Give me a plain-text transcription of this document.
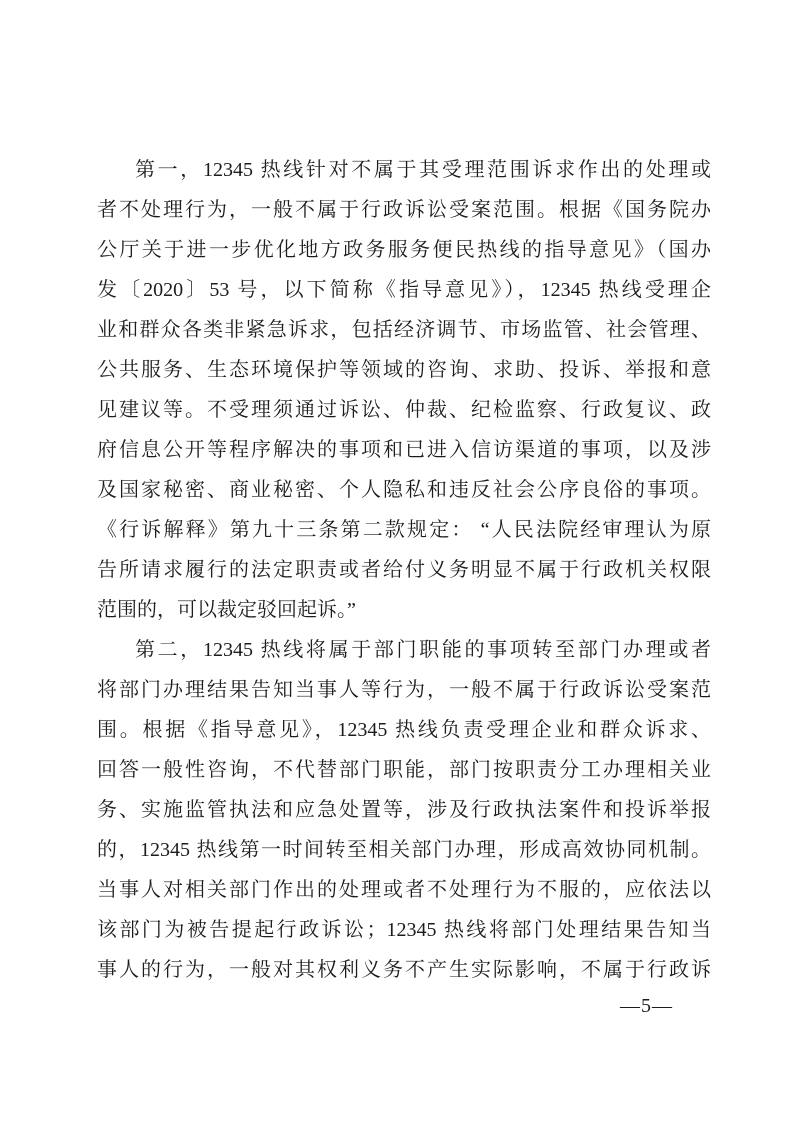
第一，12345 热线针对不属于其受理范围诉求作出的处理或
者不处理行为，一般不属于行政诉讼受案范围。根据《国务院办
公厅关于进一步优化地方政务服务便民热线的指导意见》（国办
发〔2020〕53 号，以下简称《指导意见》），12345 热线受理企
业和群众各类非紧急诉求，包括经济调节、市场监管、社会管理、
公共服务、生态环境保护等领域的咨询、求助、投诉、举报和意
见建议等。不受理须通过诉讼、仲裁、纪检监察、行政复议、政
府信息公开等程序解决的事项和已进入信访渠道的事项，以及涉
及国家秘密、商业秘密、个人隐私和违反社会公序良俗的事项。
《行诉解释》第九十三条第二款规定： “人民法院经审理认为原
告所请求履行的法定职责或者给付义务明显不属于行政机关权限
范围的，可以裁定驳回起诉。”
第二，12345 热线将属于部门职能的事项转至部门办理或者
将部门办理结果告知当事人等行为，一般不属于行政诉讼受案范
围。根据《指导意见》，12345 热线负责受理企业和群众诉求、
回答一般性咨询，不代替部门职能，部门按职责分工办理相关业
务、实施监管执法和应急处置等，涉及行政执法案件和投诉举报
的，12345 热线第一时间转至相关部门办理，形成高效协同机制。
当事人对相关部门作出的处理或者不处理行为不服的，应依法以
该部门为被告提起行政诉讼；12345 热线将部门处理结果告知当
事人的行为，一般对其权利义务不产生实际影响，不属于行政诉
—5—
